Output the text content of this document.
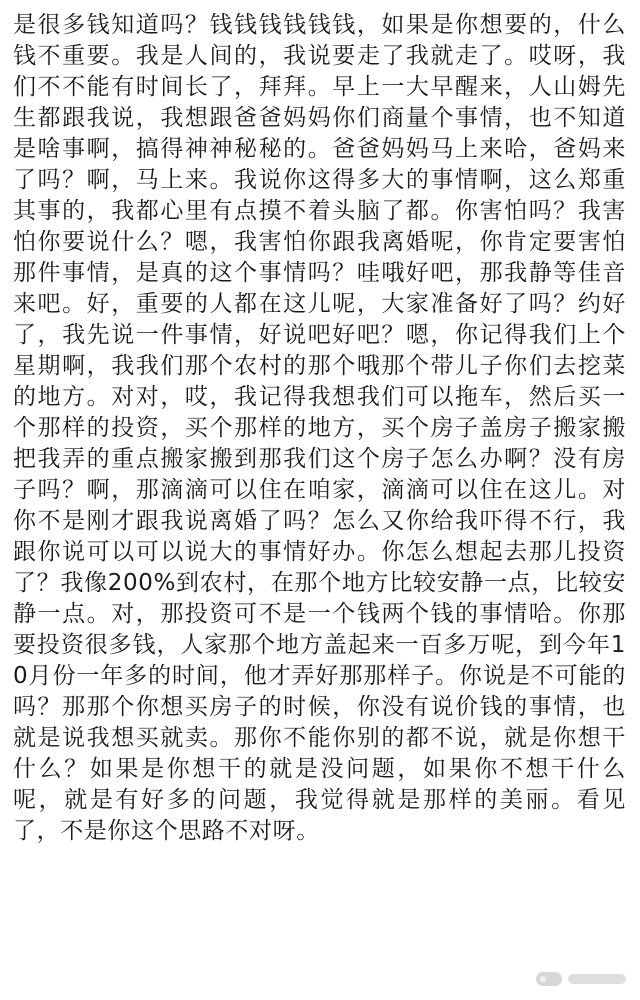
是很多钱知道吗？钱钱钱钱钱钱，如果是你想要的，什么钱不重要。我是人间的，我说要走了我就走了。哎呀，我们不不能有时间长了，拜拜。早上一大早醒来，人山姆先生都跟我说，我想跟爸爸妈妈你们商量个事情，也不知道是啥事啊，搞得神神秘秘的。爸爸妈妈马上来哈，爸妈来了吗？啊，马上来。我说你这得多大的事情啊，这么郑重其事的，我都心里有点摸不着头脑了都。你害怕吗？我害怕你要说什么？嗯，我害怕你跟我离婚呢，你肯定要害怕那件事情，是真的这个事情吗？哇哦好吧，那我静等佳音来吧。好，重要的人都在这儿呢，大家准备好了吗？约好了，我先说一件事情，好说吧好吧？嗯，你记得我们上个星期啊，我我们那个农村的那个哦那个带儿子你们去挖菜的地方。对对，哎，我记得我想我们可以拖车，然后买一个那样的投资，买个那样的地方，买个房子盖房子搬家搬把我弄的重点搬家搬到那我们这个房子怎么办啊？没有房子吗？啊，那滴滴可以住在咱家，滴滴可以住在这儿。对你不是刚才跟我说离婚了吗？怎么又你给我吓得不行，我跟你说可以可以说大的事情好办。你怎么想起去那儿投资了？我像200%到农村，在那个地方比较安静一点，比较安静一点。对，那投资可不是一个钱两个钱的事情哈。你那要投资很多钱，人家那个地方盖起来一百多万呢，到今年10月份一年多的时间，他才弄好那那样子。你说是不可能的吗？那那个你想买房子的时候，你没有说价钱的事情，也就是说我想买就卖。那你不能你别的都不说，就是你想干什么？如果是你想干的就是没问题，如果你不想干什么呢，就是有好多的问题，我觉得就是那样的美丽。看见了，不是你这个思路不对呀。
